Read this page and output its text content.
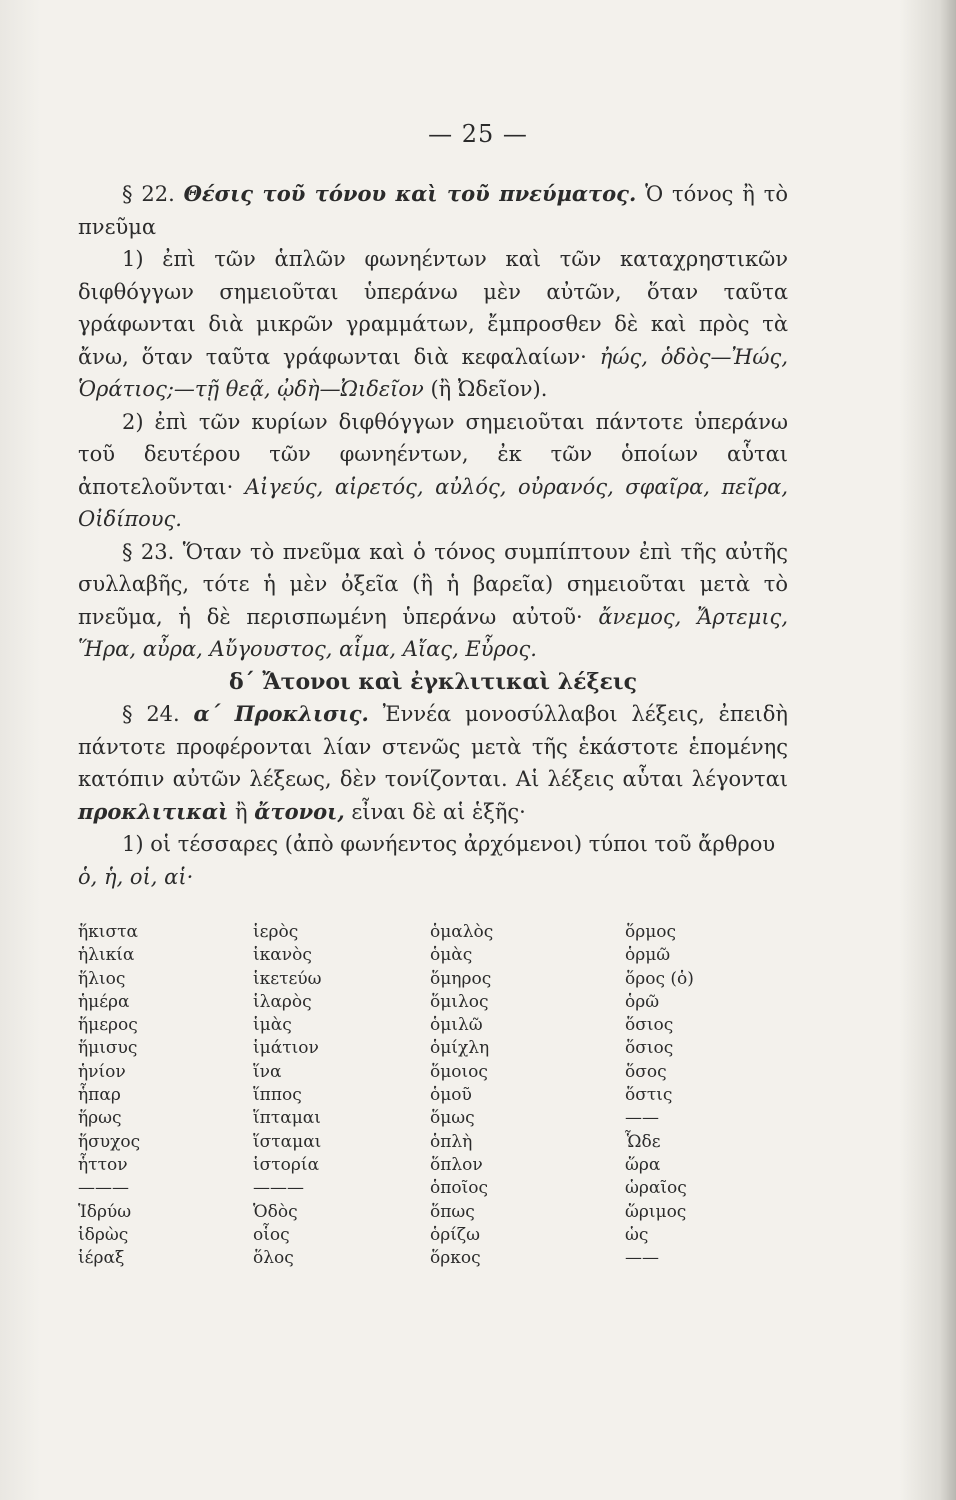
— 25 —

§ 22. Θέσις τοῦ τόνου καὶ τοῦ πνεύματος. Ὁ τόνος ἢ τὸ πνεῦμα

1) ἐπὶ τῶν ἁπλῶν φωνηέντων καὶ τῶν καταχρηστικῶν διφθόγγων σημειοῦται ὑπεράνω μὲν αὐτῶν, ὅταν ταῦτα γράφωνται διὰ μικρῶν γραμμάτων, ἔμπροσθεν δὲ καὶ πρὸς τὰ ἄνω, ὅταν ταῦτα γράφωνται διὰ κεφαλαίων· ἠώς, ὁδὸς—Ἠώς, Ὁράτιος;—τῇ θεᾷ, ᾠδὴ—Ὠιδεῖον (ἢ Ὠδεῖον).

2) ἐπὶ τῶν κυρίων διφθόγγων σημειοῦται πάντοτε ὑπεράνω τοῦ δευτέρου τῶν φωνηέντων, ἐκ τῶν ὁποίων αὗται ἀποτελοῦνται· Αἰγεύς, αἱρετός, αὐλός, οὐρανός, σφαῖρα, πεῖρα, Οἰδίπους.

§ 23. Ὅταν τὸ πνεῦμα καὶ ὁ τόνος συμπίπτουν ἐπὶ τῆς αὐτῆς συλλαβῆς, τότε ἡ μὲν ὀξεῖα (ἢ ἡ βαρεῖα) σημειοῦται μετὰ τὸ πνεῦμα, ἡ δὲ περισπωμένη ὑπεράνω αὐτοῦ· ἄνεμος, Ἄρτεμις, Ἥρα, αὖρα, Αὔγουστος, αἷμα, Αἴας, Εὖρος.

δ΄ Ἄτονοι καὶ ἐγκλιτικαὶ λέξεις

§ 24. α΄ Προκλισις. Ἐννέα μονοσύλλαβοι λέξεις, ἐπειδὴ πάντοτε προφέρονται λίαν στενῶς μετὰ τῆς ἑκάστοτε ἑπομένης κατόπιν αὐτῶν λέξεως, δὲν τονίζονται. Αἱ λέξεις αὗται λέγονται προκλιτικαὶ ἢ ἄτονοι, εἶναι δὲ αἱ ἑξῆς·

1) οἱ τέσσαρες (ἀπὸ φωνήεντος ἀρχόμενοι) τύποι τοῦ ἄρθρου

ὁ, ἡ, οἱ, αἱ·

ἥκιστα	ἱερὸς	ὁμαλὸς	ὅρμος
ἡλικία	ἱκανὸς	ὁμὰς	ὁρμῶ
ἥλιος	ἱκετεύω	ὅμηρος	ὅρος (ὁ)
ἡμέρα	ἱλαρὸς	ὅμιλος	ὁρῶ
ἥμερος	ἱμὰς	ὁμιλῶ	ὅσιος
ἥμισυς	ἱμάτιον	ὁμίχλη	ὅσιος
ἡνίον	ἵνα	ὅμοιος	ὅσος
ἧπαρ	ἵππος	ὁμοῦ	ὅστις
ἥρως	ἵπταμαι	ὅμως	——
ἥσυχος	ἵσταμαι	ὁπλὴ	Ὧδε
ἧττον	ἱστορία	ὅπλον	ὥρα
———	———	ὁποῖος	ὡραῖος
Ἱδρύω	Ὁδὸς	ὅπως	ὥριμος
ἱδρὼς	οἷος	ὁρίζω	ὡς
ἱέραξ	ὅλος	ὅρκος	——
